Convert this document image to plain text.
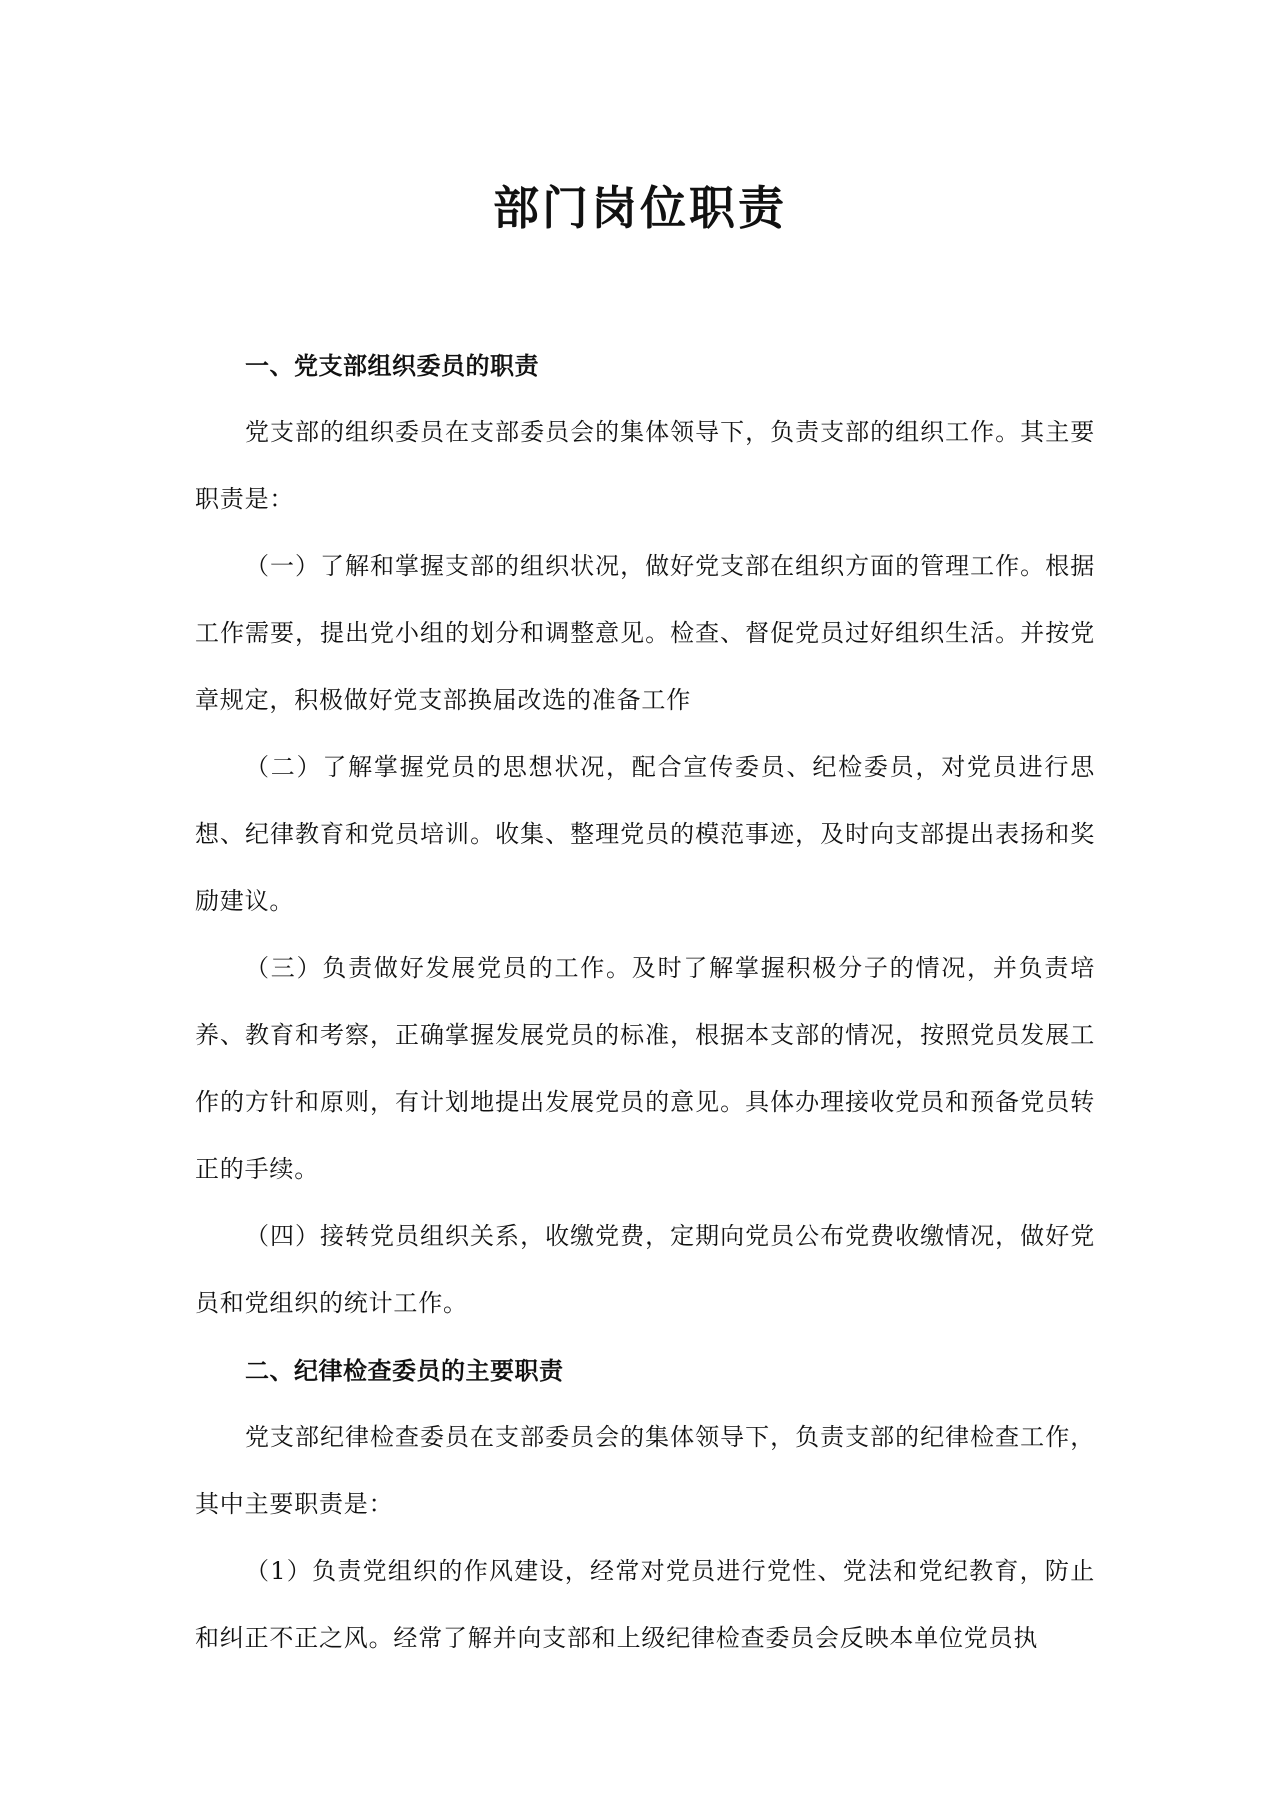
部门岗位职责

一、党支部组织委员的职责

党支部的组织委员在支部委员会的集体领导下，负责支部的组织工作。其主要职责是：

（一）了解和掌握支部的组织状况，做好党支部在组织方面的管理工作。根据工作需要，提出党小组的划分和调整意见。检查、督促党员过好组织生活。并按党章规定，积极做好党支部换届改选的准备工作

（二）了解掌握党员的思想状况，配合宣传委员、纪检委员，对党员进行思想、纪律教育和党员培训。收集、整理党员的模范事迹，及时向支部提出表扬和奖励建议。

（三）负责做好发展党员的工作。及时了解掌握积极分子的情况，并负责培养、教育和考察，正确掌握发展党员的标准，根据本支部的情况，按照党员发展工作的方针和原则，有计划地提出发展党员的意见。具体办理接收党员和预备党员转正的手续。

（四）接转党员组织关系，收缴党费，定期向党员公布党费收缴情况，做好党员和党组织的统计工作。

二、纪律检查委员的主要职责

党支部纪律检查委员在支部委员会的集体领导下，负责支部的纪律检查工作，其中主要职责是：

（1）负责党组织的作风建设，经常对党员进行党性、党法和党纪教育，防止和纠正不正之风。经常了解并向支部和上级纪律检查委员会反映本单位党员执
